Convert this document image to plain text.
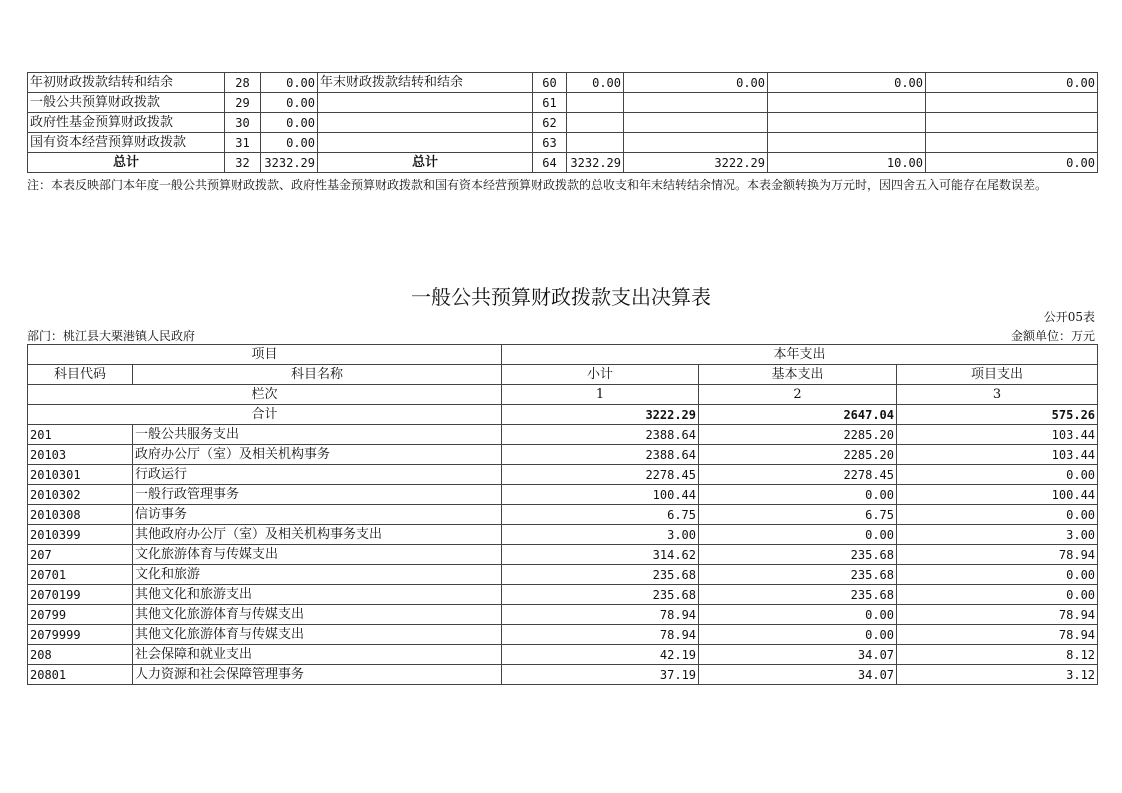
年初财政拨款结转和结余	28	0.00	年末财政拨款结转和结余	60	0.00	0.00	0.00	0.00
一般公共预算财政拨款	29	0.00		61				
政府性基金预算财政拨款	30	0.00		62				
国有资本经营预算财政拨款	31	0.00		63				
总计	32	3232.29	总计	64	3232.29	3222.29	10.00	0.00
注：本表反映部门本年度一般公共预算财政拨款、政府性基金预算财政拨款和国有资本经营预算财政拨款的总收支和年末结转结余情况。本表金额转换为万元时，因四舍五入可能存在尾数误差。
一般公共预算财政拨款支出决算表
公开05表
部门：桃江县大栗港镇人民政府	金额单位：万元
项目		本年支出		
科目代码	科目名称	小计	基本支出	项目支出
栏次		1	2	3
合计		3222.29	2647.04	575.26
201	一般公共服务支出	2388.64	2285.20	103.44
20103	政府办公厅（室）及相关机构事务	2388.64	2285.20	103.44
2010301	行政运行	2278.45	2278.45	0.00
2010302	一般行政管理事务	100.44	0.00	100.44
2010308	信访事务	6.75	6.75	0.00
2010399	其他政府办公厅（室）及相关机构事务支出	3.00	0.00	3.00
207	文化旅游体育与传媒支出	314.62	235.68	78.94
20701	文化和旅游	235.68	235.68	0.00
2070199	其他文化和旅游支出	235.68	235.68	0.00
20799	其他文化旅游体育与传媒支出	78.94	0.00	78.94
2079999	其他文化旅游体育与传媒支出	78.94	0.00	78.94
208	社会保障和就业支出	42.19	34.07	8.12
20801	人力资源和社会保障管理事务	37.19	34.07	3.12
